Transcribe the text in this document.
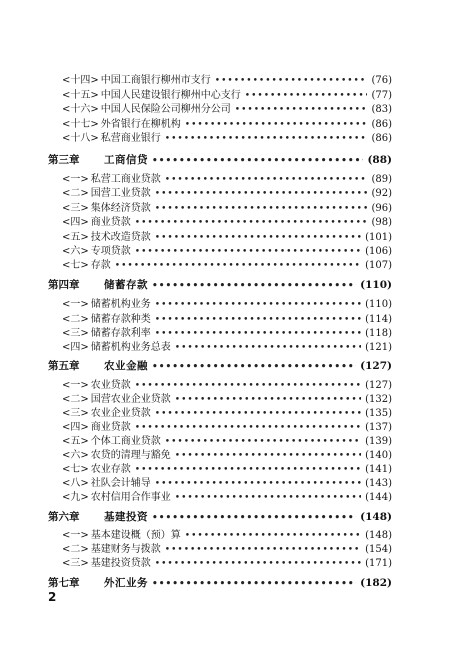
<十四> 中国工商银行柳州市支行 •••••	(76)
<十五> 中国人民建设银行柳州中心支行 •••••	(77)
<十六> 中国人民保险公司柳州分公司 •••••	(83)
<十七> 外省银行在柳机构 •••••	(86)
<十八> 私营商业银行 •••••	(86)
第三章	工商信贷 •••••	(88)
<一> 私营工商业贷款 •••••	(89)
<二> 国营工业贷款 •••••	(92)
<三> 集体经济贷款 •••••	(96)
<四> 商业贷款 •••••	(98)
<五> 技术改造贷款 •••••	(101)
<六> 专项贷款 •••••	(106)
<七> 存款 •••••	(107)
第四章	储蓄存款 •••••	(110)
<一> 储蓄机构业务 •••••	(110)
<二> 储蓄存款种类 •••••	(114)
<三> 储蓄存款利率 •••••	(118)
<四> 储蓄机构业务总表 •••••	(121)
第五章	农业金融 •••••	(127)
<一> 农业贷款 •••••	(127)
<二> 国营农业企业贷款 •••••	(132)
<三> 农业企业贷款 •••••	(135)
<四> 商业贷款 •••••	(137)
<五> 个体工商业贷款 •••••	(139)
<六> 农贷的清理与豁免 •••••	(140)
<七> 农业存款 •••••	(141)
<八> 社队会计辅导 •••••	(143)
<九> 农村信用合作事业 •••••	(144)
第六章	基建投资 •••••	(148)
<一> 基本建设概（预）算 •••••	(148)
<二> 基建财务与拨款 •••••	(154)
<三> 基建投资贷款 •••••	(171)
第七章	外汇业务 •••••	(182)
2
